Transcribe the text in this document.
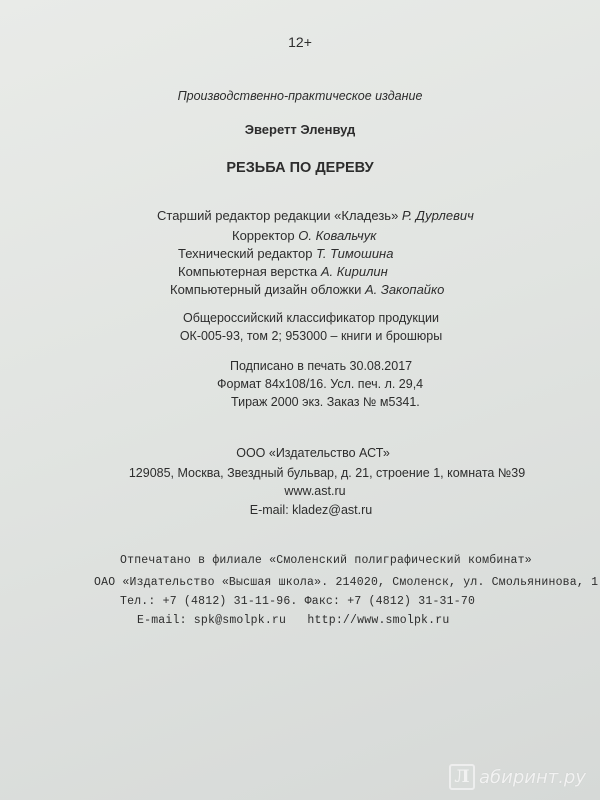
12+
Производственно-практическое издание
Эверетт Эленвуд
РЕЗЬБА ПО ДЕРЕВУ
Старший редактор редакции «Кладезь» Р. Дурлевич
Корректор О. Ковальчук
Технический редактор Т. Тимошина
Компьютерная верстка А. Кирилин
Компьютерный дизайн обложки А. Закопайко
Общероссийский классификатор продукции
ОК-005-93, том 2; 953000 – книги и брошюры
Подписано в печать 30.08.2017
Формат 84x108/16. Усл. печ. л. 29,4
Тираж 2000 экз. Заказ № м5341.
ООО «Издательство АСТ»
129085, Москва, Звездный бульвар, д. 21, строение 1, комната №39
www.ast.ru
E-mail: kladez@ast.ru
Отпечатано в филиале «Смоленский полиграфический комбинат»
ОАО «Издательство «Высшая школа». 214020, Смоленск, ул. Смольянинова, 1
Тел.: +7 (4812) 31-11-96. Факс: +7 (4812) 31-31-70
E-mail: spk@smolpk.ru   http://www.smolpk.ru
Л абиринт.ру
